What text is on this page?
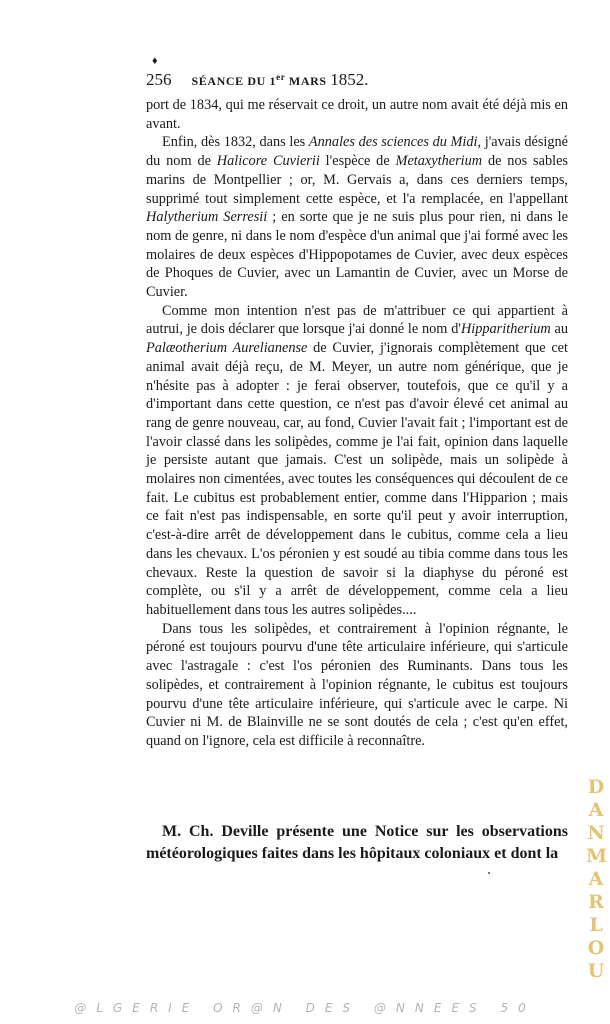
♦
256 SÉANCE DU 1er MARS 1852.

port de 1834, qui me réservait ce droit, un autre nom avait été déjà mis en avant.

Enfin, dès 1832, dans les Annales des sciences du Midi, j'avais désigné du nom de Halicore Cuvierii l'espèce de Metaxytherium de nos sables marins de Montpellier ; or, M. Gervais a, dans ces derniers temps, supprimé tout simplement cette espèce, et l'a remplacée, en l'appellant Halytherium Serresii ; en sorte que je ne suis plus pour rien, ni dans le nom de genre, ni dans le nom d'espèce d'un animal que j'ai formé avec les molaires de deux espèces d'Hippopotames de Cuvier, avec deux espèces de Phoques de Cuvier, avec un Lamantin de Cuvier, avec un Morse de Cuvier.

Comme mon intention n'est pas de m'attribuer ce qui appartient à autrui, je dois déclarer que lorsque j'ai donné le nom d'Hipparitherium au Palæotherium Aurelianense de Cuvier, j'ignorais complètement que cet animal avait déjà reçu, de M. Meyer, un autre nom générique, que je n'hésite pas à adopter : je ferai observer, toutefois, que ce qu'il y a d'important dans cette question, ce n'est pas d'avoir élevé cet animal au rang de genre nouveau, car, au fond, Cuvier l'avait fait ; l'important est de l'avoir classé dans les solipèdes, comme je l'ai fait, opinion dans laquelle je persiste autant que jamais. C'est un solipède, mais un solipède à molaires non cimentées, avec toutes les conséquences qui découlent de ce fait. Le cubitus est probablement entier, comme dans l'Hipparion ; mais ce fait n'est pas indispensable, en sorte qu'il peut y avoir interruption, c'est-à-dire arrêt de développement dans le cubitus, comme cela a lieu dans les chevaux. L'os péronien y est soudé au tibia comme dans tous les chevaux. Reste la question de savoir si la diaphyse du péroné est complète, ou s'il y a arrêt de développement, comme cela a lieu habituellement dans tous les autres solipèdes....

Dans tous les solipèdes, et contrairement à l'opinion régnante, le péroné est toujours pourvu d'une tête articulaire inférieure, qui s'articule avec l'astragale : c'est l'os péronien des Ruminants. Dans tous les solipèdes, et contrairement à l'opinion régnante, le cubitus est toujours pourvu d'une tête articulaire inférieure, qui s'articule avec le carpe. Ni Cuvier ni M. de Blainville ne se sont doutés de cela ; c'est qu'en effet, quand on l'ignore, cela est difficile à reconnaître.

M. Ch. Deville présente une Notice sur les observations météorologiques faites dans les hôpitaux coloniaux et dont la

D
A
N
M
A
R
L
O
U
@LGERIE OR@N DES @NNEES 50
